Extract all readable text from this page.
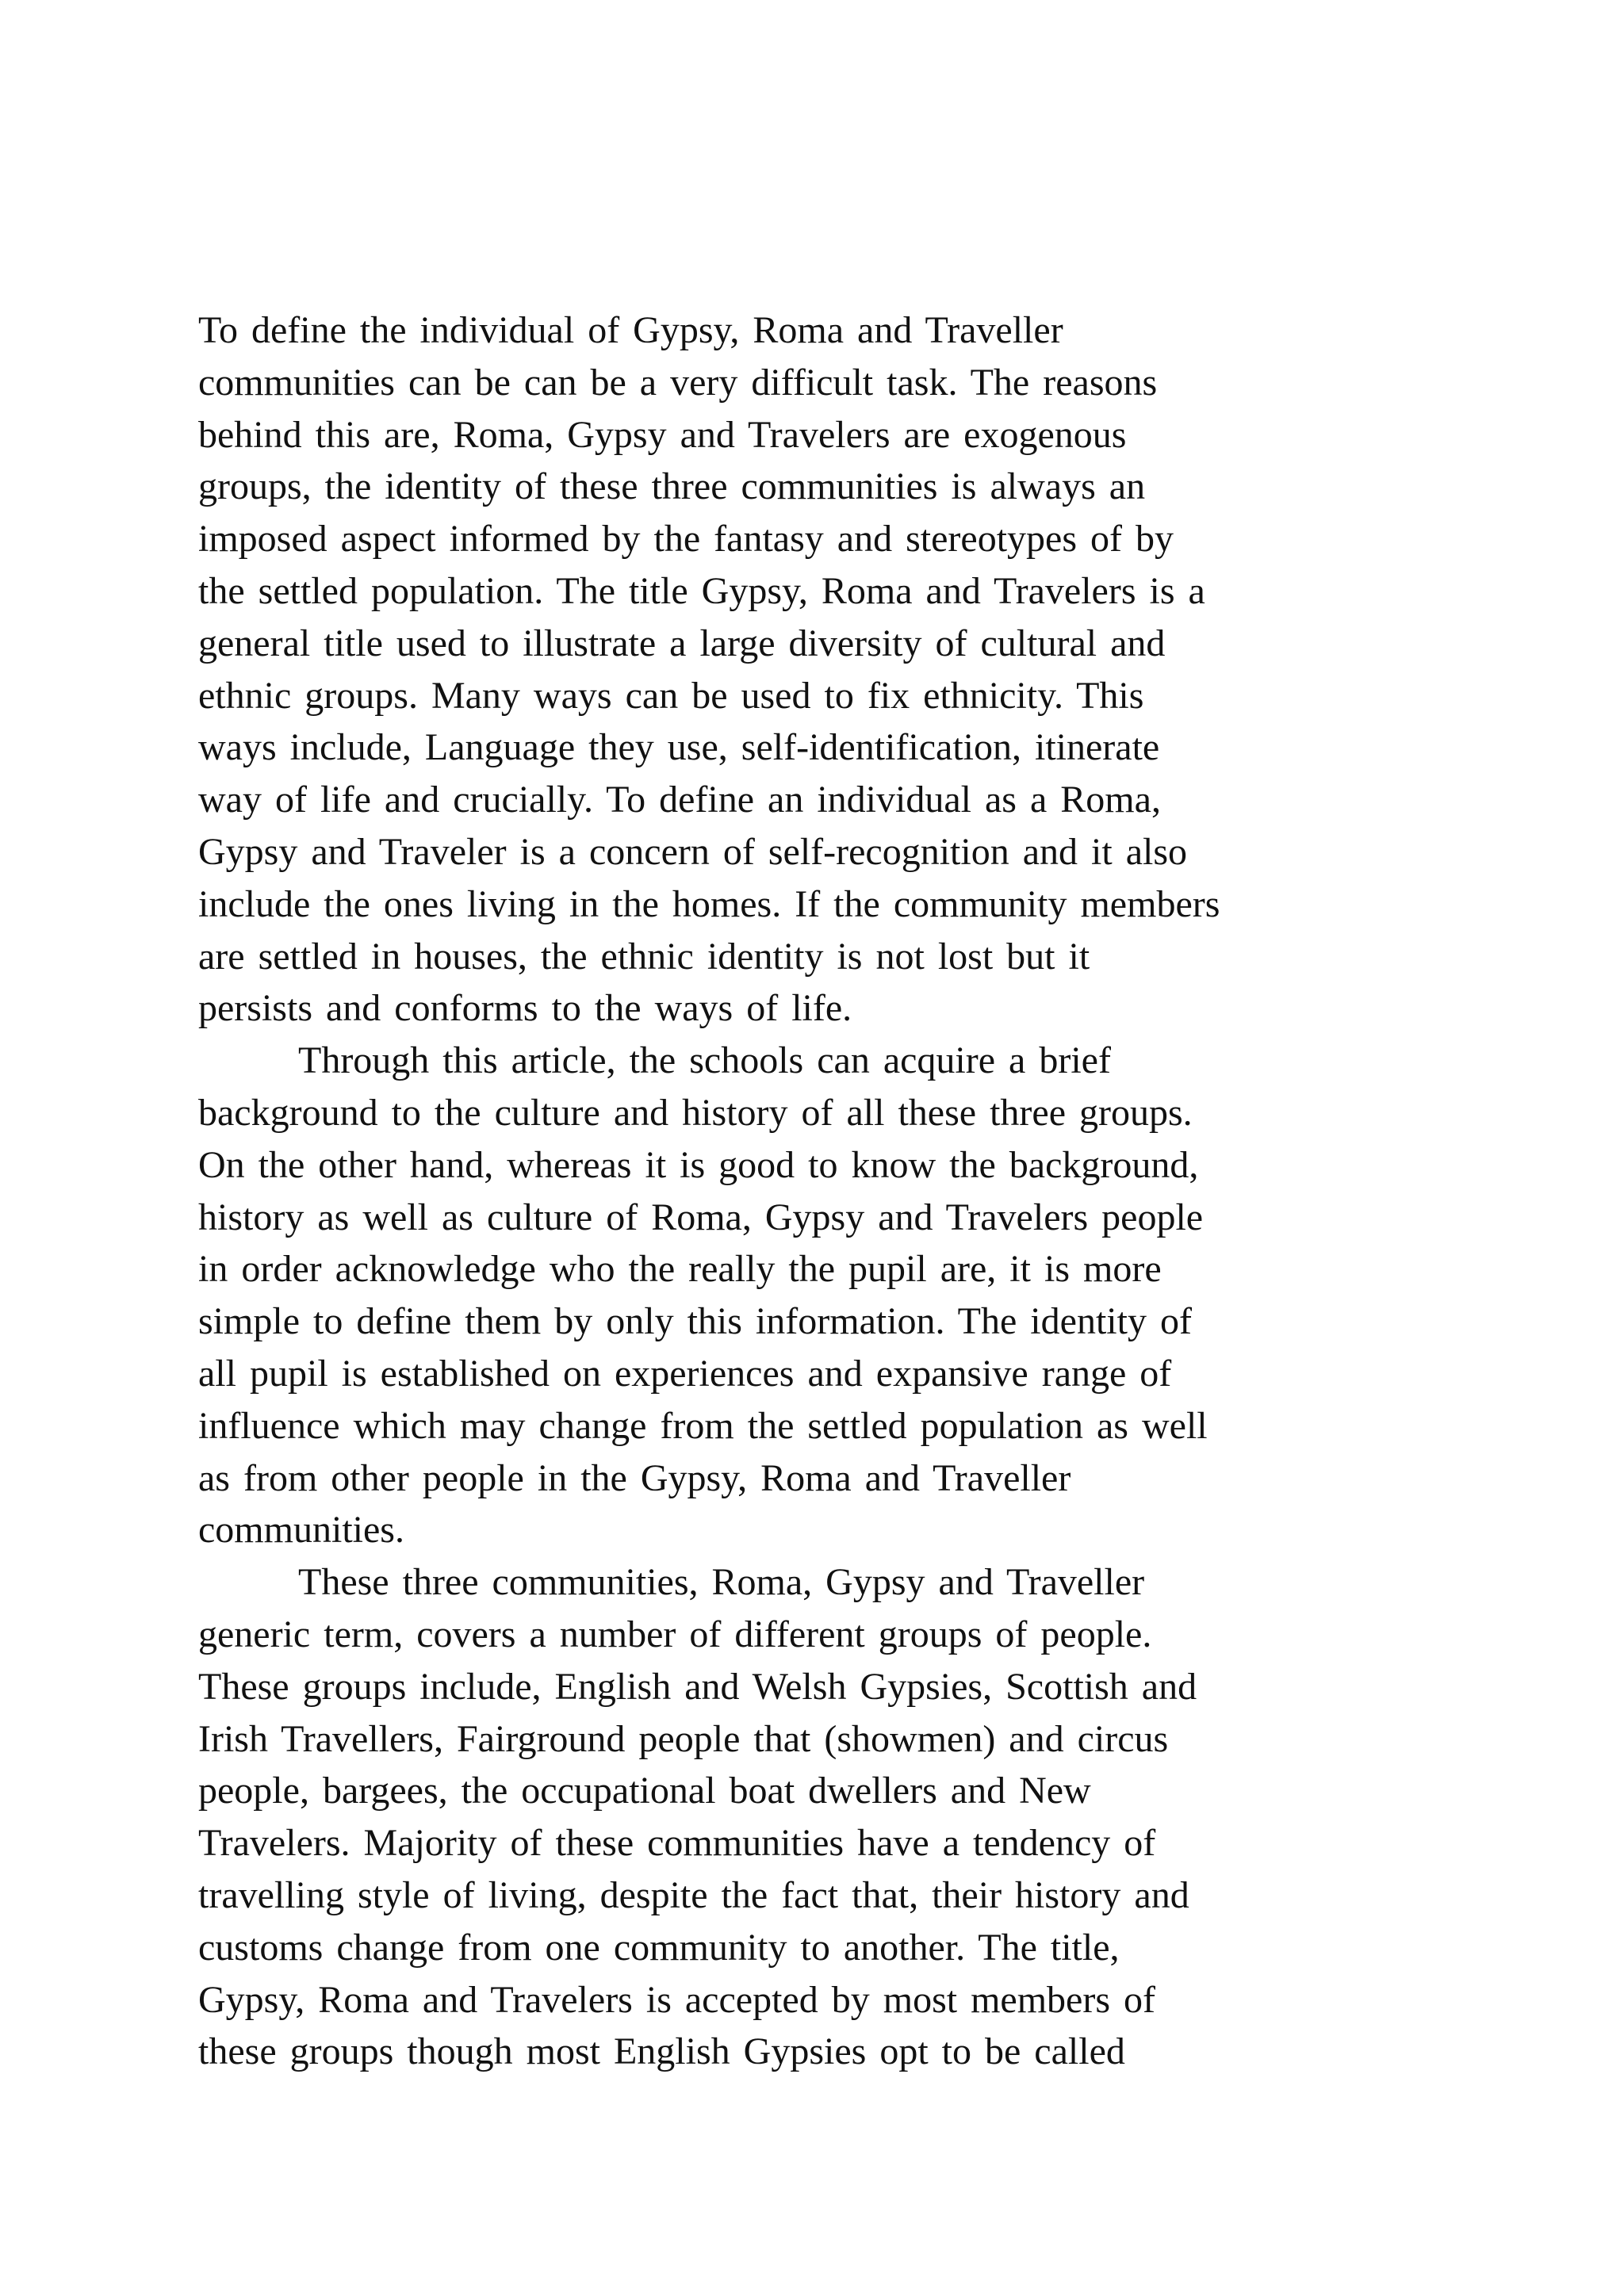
To define the individual of Gypsy, Roma and Traveller
communities can be can be a very difficult task. The reasons
behind this are, Roma, Gypsy and Travelers are exogenous
groups, the identity of these three communities is always an
imposed aspect informed by the fantasy and stereotypes of by
the settled population. The title Gypsy, Roma and Travelers is a
general title used to illustrate a large diversity of cultural and
ethnic groups. Many ways can be used to fix ethnicity. This
ways include, Language they use, self-identification, itinerate
way of life and crucially. To define an individual as a Roma,
Gypsy and Traveler is a concern of self-recognition and it also
include the ones living in the homes. If the community members
are settled in houses, the ethnic identity is not lost but it
persists and conforms to the ways of life.
Through this article, the schools can acquire a brief
background to the culture and history of all these three groups.
On the other hand, whereas it is good to know the background,
history as well as culture of Roma, Gypsy and Travelers people
in order acknowledge who the really the pupil are, it is more
simple to define them by only this information. The identity of
all pupil is established on experiences and expansive range of
influence which may change from the settled population as well
as from other people in the Gypsy, Roma and Traveller
communities.
These three communities, Roma, Gypsy and Traveller
generic term, covers a number of different groups of people.
These groups include, English and Welsh Gypsies, Scottish and
Irish Travellers, Fairground people that (showmen) and circus
people, bargees, the occupational boat dwellers and New
Travelers. Majority of these communities have a tendency of
travelling style of living, despite the fact that, their history and
customs change from one community to another. The title,
Gypsy, Roma and Travelers is accepted by most members of
these groups though most English Gypsies opt to be called
